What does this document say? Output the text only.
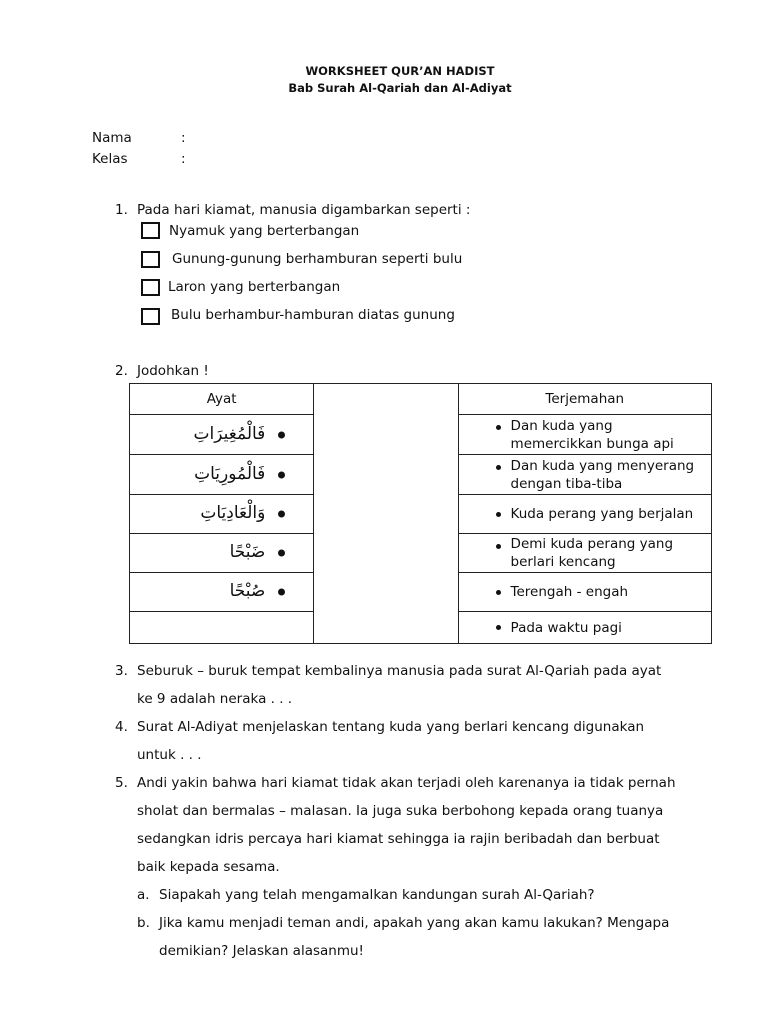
WORKSHEET QUR’AN HADIST
Bab Surah Al-Qariah dan Al-Adiyat
Nama	:
Kelas	:
1. Pada hari kiamat, manusia digambarkan seperti :
Nyamuk yang berterbangan
Gunung-gunung berhamburan seperti bulu
Laron yang berterbangan
Bulu berhambur-hamburan diatas gunung
2. Jodohkan !
Ayat		Terjemahan

فَالْمُغِيرَاتِ		Dan kuda yang
memercikkan bunga api

فَالْمُورِيَاتِ		Dan kuda yang menyerang
dengan tiba-tiba

وَالْعَادِيَاتِ		Kuda perang yang berjalan

ضَبْحًا		Demi kuda perang yang
berlari kencang

صُبْحًا		Terengah - engah

		Pada waktu pagi
3. Seburuk – buruk tempat kembalinya manusia pada surat Al-Qariah pada ayat
ke 9 adalah neraka . . .
4. Surat Al-Adiyat menjelaskan tentang kuda yang berlari kencang digunakan
untuk . . .
5. Andi yakin bahwa hari kiamat tidak akan terjadi oleh karenanya ia tidak pernah
sholat dan bermalas – malasan. Ia juga suka berbohong kepada orang tuanya
sedangkan idris percaya hari kiamat sehingga ia rajin beribadah dan berbuat
baik kepada sesama.
a. Siapakah yang telah mengamalkan kandungan surah Al-Qariah?
b. Jika kamu menjadi teman andi, apakah yang akan kamu lakukan? Mengapa
demikian? Jelaskan alasanmu!
